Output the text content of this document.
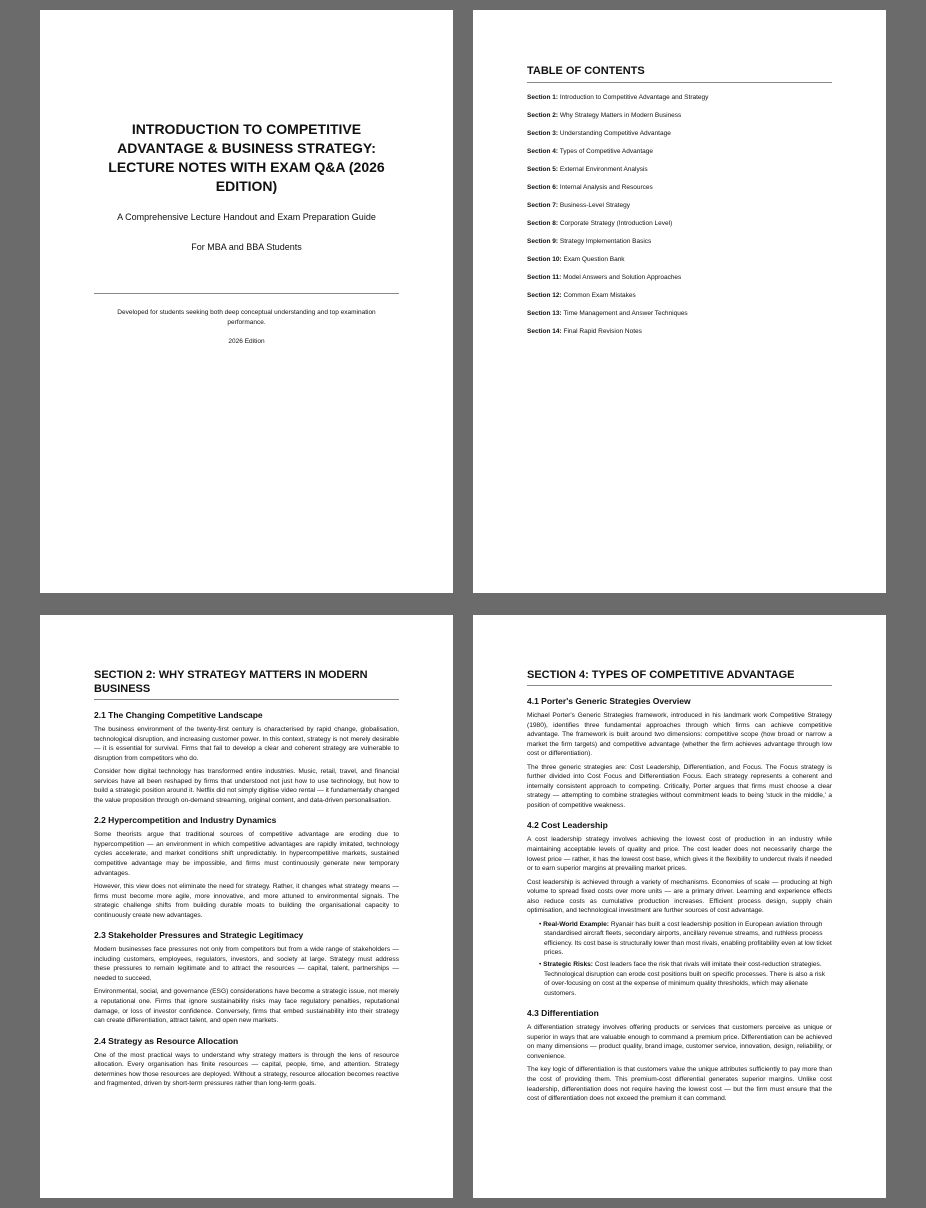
INTRODUCTION TO COMPETITIVE ADVANTAGE & BUSINESS STRATEGY: LECTURE NOTES WITH EXAM Q&A (2026 EDITION)

A Comprehensive Lecture Handout and Exam Preparation Guide

For MBA and BBA Students

Developed for students seeking both deep conceptual understanding and top examination performance.

2026 Edition

TABLE OF CONTENTS
Section 1: Introduction to Competitive Advantage and Strategy
Section 2: Why Strategy Matters in Modern Business
Section 3: Understanding Competitive Advantage
Section 4: Types of Competitive Advantage
Section 5: External Environment Analysis
Section 6: Internal Analysis and Resources
Section 7: Business-Level Strategy
Section 8: Corporate Strategy (Introduction Level)
Section 9: Strategy Implementation Basics
Section 10: Exam Question Bank
Section 11: Model Answers and Solution Approaches
Section 12: Common Exam Mistakes
Section 13: Time Management and Answer Techniques
Section 14: Final Rapid Revision Notes
SECTION 2: WHY STRATEGY MATTERS IN MODERN BUSINESS
2.1 The Changing Competitive Landscape

The business environment of the twenty-first century is characterised by rapid change, globalisation, technological disruption, and increasing customer power. In this context, strategy is not merely desirable — it is essential for survival. Firms that fail to develop a clear and coherent strategy are vulnerable to disruption from competitors who do.

Consider how digital technology has transformed entire industries. Music, retail, travel, and financial services have all been reshaped by firms that understood not just how to use technology, but how to build a strategic position around it. Netflix did not simply digitise video rental — it fundamentally changed the value proposition through on-demand streaming, original content, and data-driven personalisation.

2.2 Hypercompetition and Industry Dynamics

Some theorists argue that traditional sources of competitive advantage are eroding due to hypercompetition — an environment in which competitive advantages are rapidly imitated, technology cycles accelerate, and market conditions shift unpredictably. In hypercompetitive markets, sustained competitive advantage may be impossible, and firms must continuously generate new temporary advantages.

However, this view does not eliminate the need for strategy. Rather, it changes what strategy means — firms must become more agile, more innovative, and more attuned to environmental signals. The strategic challenge shifts from building durable moats to building the organisational capacity to continuously create new advantages.

2.3 Stakeholder Pressures and Strategic Legitimacy

Modern businesses face pressures not only from competitors but from a wide range of stakeholders — including customers, employees, regulators, investors, and society at large. Strategy must address these pressures to remain legitimate and to attract the resources — capital, talent, partnerships — needed to succeed.

Environmental, social, and governance (ESG) considerations have become a strategic issue, not merely a reputational one. Firms that ignore sustainability risks may face regulatory penalties, reputational damage, or loss of investor confidence. Conversely, firms that embed sustainability into their strategy can create differentiation, attract talent, and open new markets.

2.4 Strategy as Resource Allocation

One of the most practical ways to understand why strategy matters is through the lens of resource allocation. Every organisation has finite resources — capital, people, time, and attention. Strategy determines how those resources are deployed. Without a strategy, resource allocation becomes reactive and fragmented, driven by short-term pressures rather than long-term goals.

SECTION 4: TYPES OF COMPETITIVE ADVANTAGE
4.1 Porter's Generic Strategies Overview

Michael Porter's Generic Strategies framework, introduced in his landmark work Competitive Strategy (1980), identifies three fundamental approaches through which firms can achieve competitive advantage. The framework is built around two dimensions: competitive scope (how broad or narrow a market the firm targets) and competitive advantage (whether the firm achieves advantage through low cost or differentiation).

The three generic strategies are: Cost Leadership, Differentiation, and Focus. The Focus strategy is further divided into Cost Focus and Differentiation Focus. Each strategy represents a coherent and internally consistent approach to competing. Critically, Porter argues that firms must choose a clear strategy — attempting to combine strategies without commitment leads to being 'stuck in the middle,' a position of competitive weakness.

4.2 Cost Leadership

A cost leadership strategy involves achieving the lowest cost of production in an industry while maintaining acceptable levels of quality and price. The cost leader does not necessarily charge the lowest price — rather, it has the lowest cost base, which gives it the flexibility to undercut rivals if needed or to earn superior margins at prevailing market prices.

Cost leadership is achieved through a variety of mechanisms. Economies of scale — producing at high volume to spread fixed costs over more units — are a primary driver. Learning and experience effects also reduce costs as cumulative production increases. Efficient process design, supply chain optimisation, and technological investment are further sources of cost advantage.

• Real-World Example: Ryanair has built a cost leadership position in European aviation through standardised aircraft fleets, secondary airports, ancillary revenue streams, and ruthless process efficiency. Its cost base is structurally lower than most rivals, enabling profitability even at low ticket prices.
• Strategic Risks: Cost leaders face the risk that rivals will imitate their cost-reduction strategies. Technological disruption can erode cost positions built on specific processes. There is also a risk of over-focusing on cost at the expense of minimum quality thresholds, which may alienate customers.
4.3 Differentiation

A differentiation strategy involves offering products or services that customers perceive as unique or superior in ways that are valuable enough to command a premium price. Differentiation can be achieved on many dimensions — product quality, brand image, customer service, innovation, design, reliability, or convenience.

The key logic of differentiation is that customers value the unique attributes sufficiently to pay more than the cost of providing them. This premium-cost differential generates superior margins. Unlike cost leadership, differentiation does not require having the lowest cost — but the firm must ensure that the cost of differentiation does not exceed the premium it can command.
